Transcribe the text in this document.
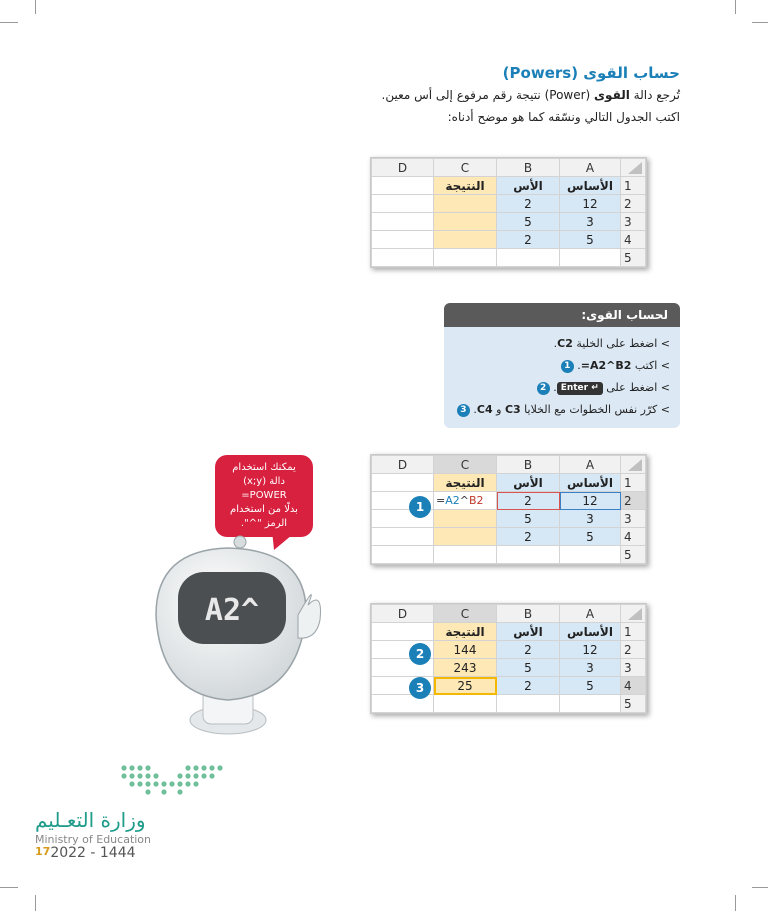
حساب القوى (Powers)
تُرجع دالة القوى (Power) نتيجة رقم مرفوع إلى أس معين.
اكتب الجدول التالي ونسّقه كما هو موضح أدناه:
D	C	B	A	

	النتيجة	الأس	الأساس	1
		2	12	2
		5	3	3
		2	5	4
				5
لحساب القوى:
> اضغط على الخلية C2.
> اكتب =A2^B2. 1
> اضغط على Enter ↵. 2
> كرّر نفس الخطوات مع الخلايا C3 و C4. 3
D	C	B	A	

	النتيجة	الأس	الأساس	1
	=A2^B2	2	12	2
		5	3	3
		2	5	4
				5
1
D	C	B	A	

	النتيجة	الأس	الأساس	1
	144	2	12	2
	243	5	3	3
	25	2	5	4
				5
2
3
يمكنك استخدام
دالة (x;y)
=POWER
بدلًا من استخدام
الرمز "^".
A2^
وزارة التعـليم
Ministry of Education
$^{17}$2022 - 1444
